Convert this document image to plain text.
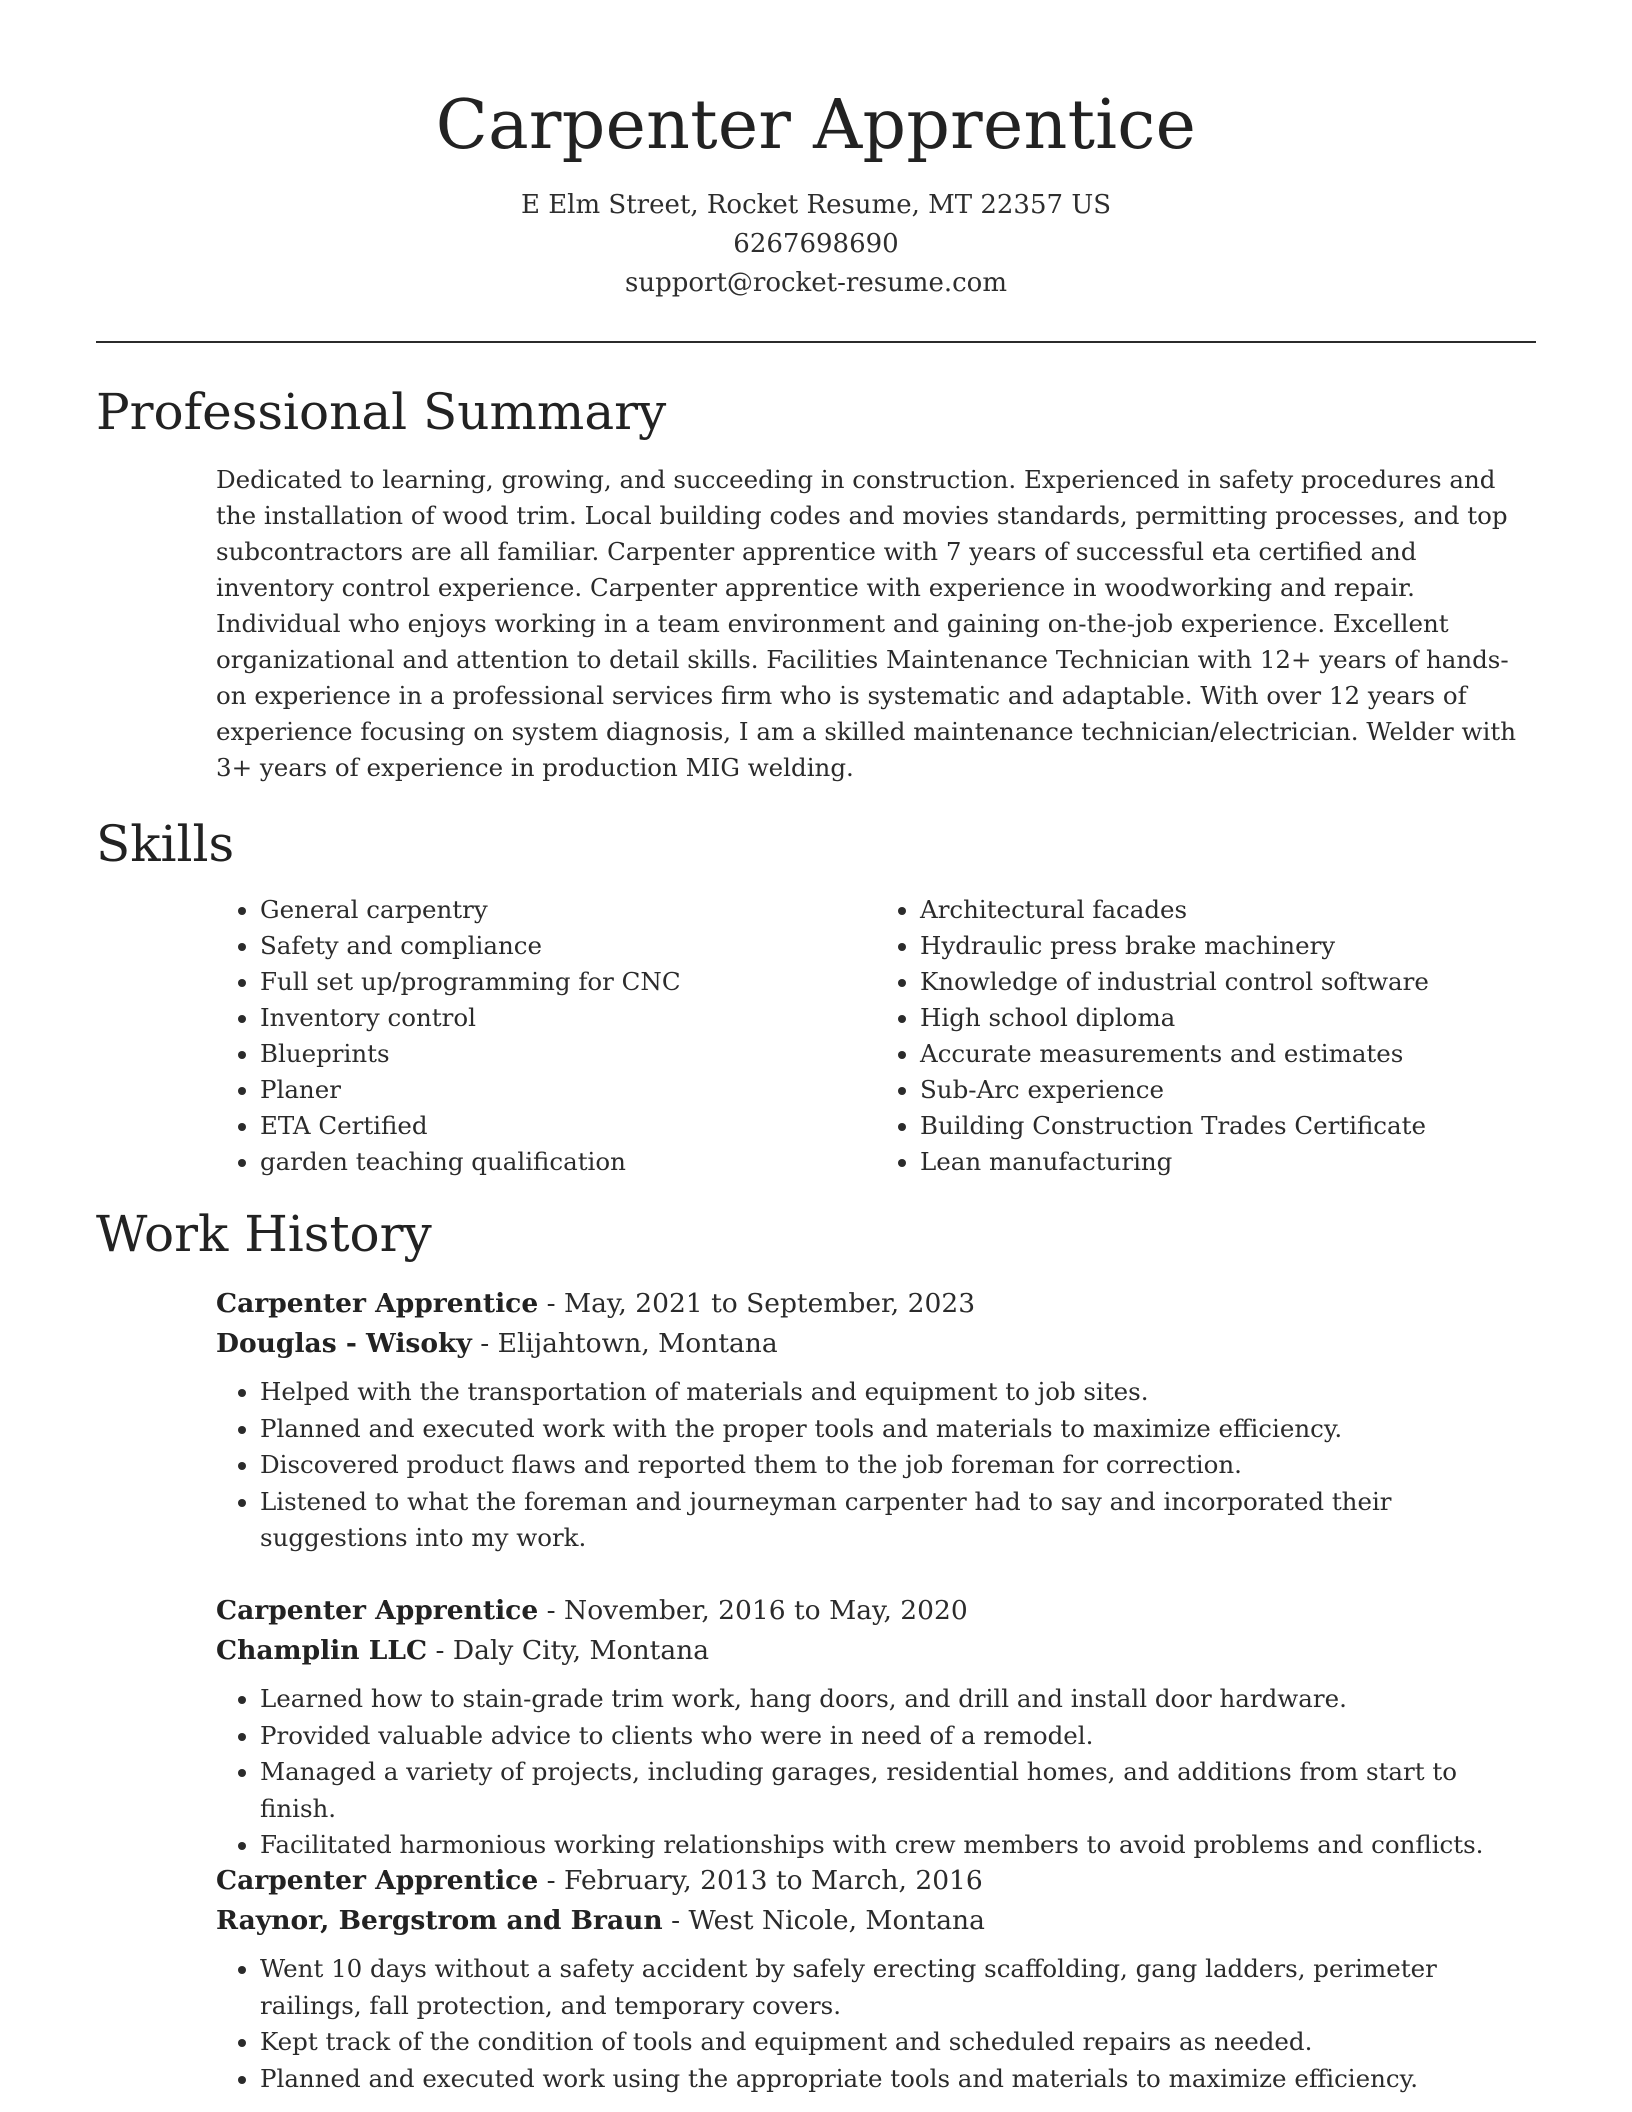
Carpenter Apprentice
E Elm Street, Rocket Resume, MT 22357 US
6267698690
support@rocket-resume.com
Professional Summary

Dedicated to learning, growing, and succeeding in construction. Experienced in safety procedures and the installation of wood trim. Local building codes and movies standards, permitting processes, and top subcontractors are all familiar. Carpenter apprentice with 7 years of successful eta certified and inventory control experience. Carpenter apprentice with experience in woodworking and repair. Individual who enjoys working in a team environment and gaining on-the-job experience. Excellent organizational and attention to detail skills. Facilities Maintenance Technician with 12+ years of hands-on experience in a professional services firm who is systematic and adaptable. With over 12 years of experience focusing on system diagnosis, I am a skilled maintenance technician/electrician. Welder with 3+ years of experience in production MIG welding.

Skills
• General carpentry
• Safety and compliance
• Full set up/programming for CNC
• Inventory control
• Blueprints
• Planer
• ETA Certified
• garden teaching qualification
• Architectural facades
• Hydraulic press brake machinery
• Knowledge of industrial control software
• High school diploma
• Accurate measurements and estimates
• Sub-Arc experience
• Building Construction Trades Certificate
• Lean manufacturing
Work History
Carpenter Apprentice - May, 2021 to September, 2023
Douglas - Wisoky - Elijahtown, Montana
• Helped with the transportation of materials and equipment to job sites.
• Planned and executed work with the proper tools and materials to maximize efficiency.
• Discovered product flaws and reported them to the job foreman for correction.
• Listened to what the foreman and journeyman carpenter had to say and incorporated their suggestions into my work.
Carpenter Apprentice - November, 2016 to May, 2020
Champlin LLC - Daly City, Montana
• Learned how to stain-grade trim work, hang doors, and drill and install door hardware.
• Provided valuable advice to clients who were in need of a remodel.
• Managed a variety of projects, including garages, residential homes, and additions from start to finish.
• Facilitated harmonious working relationships with crew members to avoid problems and conflicts.
Carpenter Apprentice - February, 2013 to March, 2016
Raynor, Bergstrom and Braun - West Nicole, Montana
• Went 10 days without a safety accident by safely erecting scaffolding, gang ladders, perimeter railings, fall protection, and temporary covers.
• Kept track of the condition of tools and equipment and scheduled repairs as needed.
• Planned and executed work using the appropriate tools and materials to maximize efficiency.
